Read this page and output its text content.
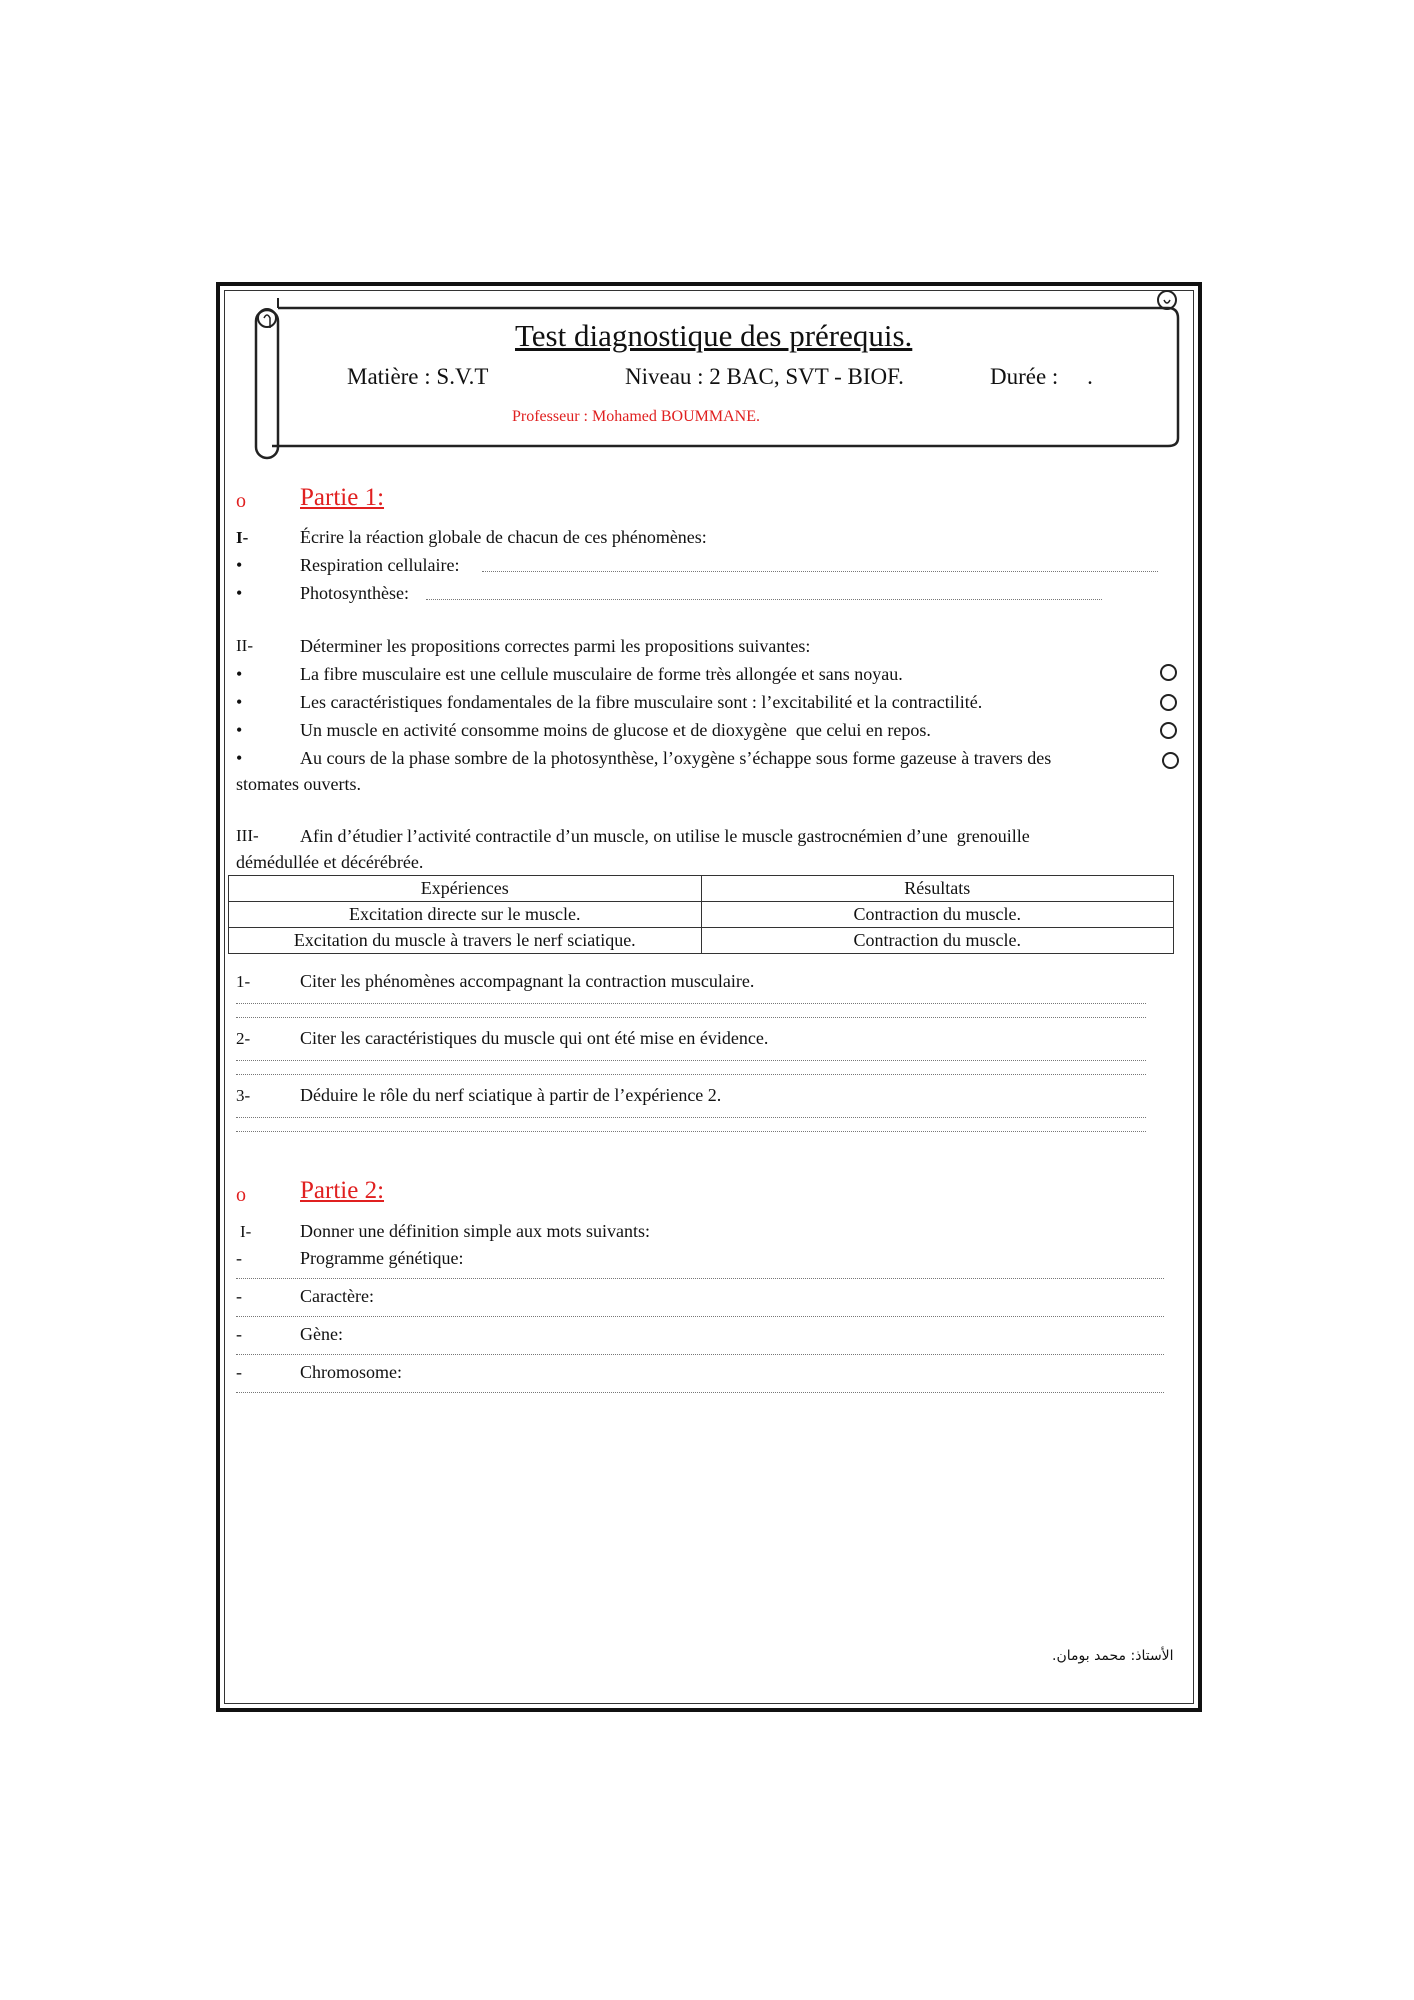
Test diagnostique des prérequis.
Matière : S.V.T	Niveau : 2 BAC, SVT - BIOF.	Durée :     .
Professeur : Mohamed BOUMMANE.
o Partie 1:
I-	Écrire la réaction globale de chacun de ces phénomènes:
•	Respiration cellulaire:
•	Photosynthèse:
II-	Déterminer les propositions correctes parmi les propositions suivantes:
•	La fibre musculaire est une cellule musculaire de forme très allongée et sans noyau.
•	Les caractéristiques fondamentales de la fibre musculaire sont : l’excitabilité et la contractilité.
•	Un muscle en activité consomme moins de glucose et de dioxygène  que celui en repos.
•	Au cours de la phase sombre de la photosynthèse, l’oxygène s’échappe sous forme gazeuse à travers des
stomates ouverts.
III- Afin d’étudier l’activité contractile d’un muscle, on utilise le muscle gastrocnémien d’une  grenouille
démédullée et décérébrée.
Expériences	Résultats
Excitation directe sur le muscle.	Contraction du muscle.
Excitation du muscle à travers le nerf sciatique.	Contraction du muscle.
1-	Citer les phénomènes accompagnant la contraction musculaire.
2-	Citer les caractéristiques du muscle qui ont été mise en évidence.
3-	Déduire le rôle du nerf sciatique à partir de l’expérience 2.
o Partie 2:
I-	Donner une définition simple aux mots suivants:
-	Programme génétique:
-	Caractère:
-	Gène:
-	Chromosome:
الأستاذ: محمد بومان.
